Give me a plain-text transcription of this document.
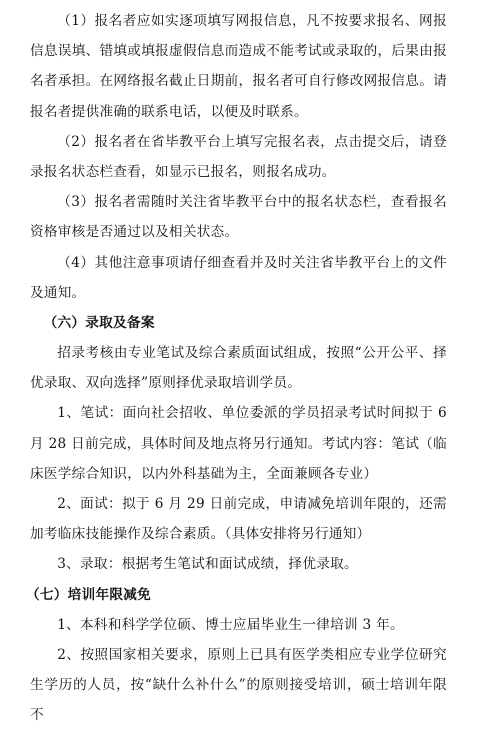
（1）报名者应如实逐项填写网报信息，凡不按要求报名、网报信息误填、错填或填报虚假信息而造成不能考试或录取的，后果由报名者承担。在网络报名截止日期前，报名者可自行修改网报信息。请报名者提供准确的联系电话，以便及时联系。

（2）报名者在省毕教平台上填写完报名表，点击提交后，请登录报名状态栏查看，如显示已报名，则报名成功。

（3）报名者需随时关注省毕教平台中的报名状态栏，查看报名资格审核是否通过以及相关状态。

（4）其他注意事项请仔细查看并及时关注省毕教平台上的文件及通知。

（六）录取及备案

招录考核由专业笔试及综合素质面试组成，按照“公开公平、择优录取、双向选择”原则择优录取培训学员。

1、笔试：面向社会招收、单位委派的学员招录考试时间拟于 6 月 28 日前完成，具体时间及地点将另行通知。考试内容：笔试（临床医学综合知识，以内外科基础为主，全面兼顾各专业）

2、面试：拟于 6 月 29 日前完成，申请减免培训年限的，还需加考临床技能操作及综合素质。（具体安排将另行通知）

3、录取：根据考生笔试和面试成绩，择优录取。

（七）培训年限减免

1、本科和科学学位硕、博士应届毕业生一律培训 3 年。

2、按照国家相关要求，原则上已具有医学类相应专业学位研究生学历的人员，按“缺什么补什么”的原则接受培训，硕士培训年限不
